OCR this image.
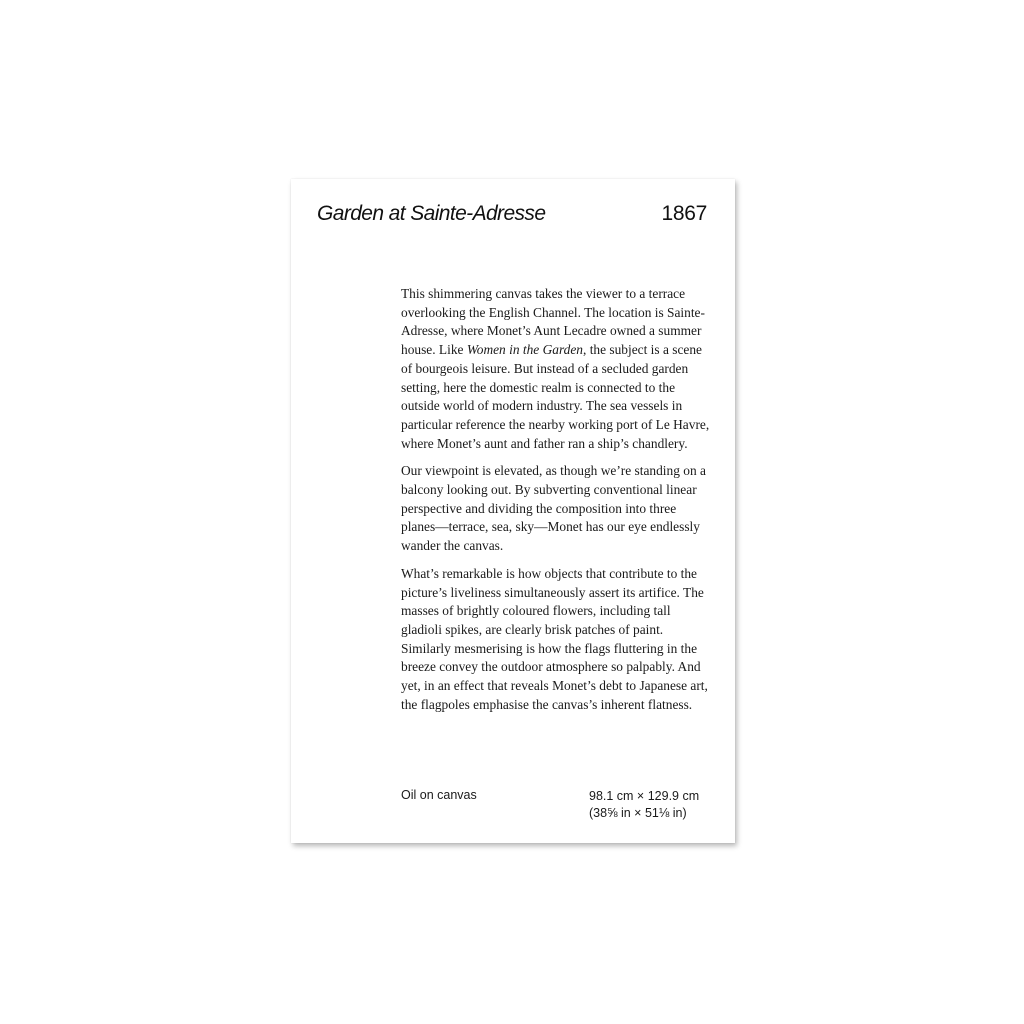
Garden at Sainte-Adresse	1867

This shimmering canvas takes the viewer to a terrace overlooking the English Channel. The location is Sainte-Adresse, where Monet’s Aunt Lecadre owned a summer house. Like Women in the Garden, the subject is a scene of bourgeois leisure. But instead of a secluded garden setting, here the domestic realm is connected to the outside world of modern industry. The sea vessels in particular reference the nearby working port of Le Havre, where Monet’s aunt and father ran a ship’s chandlery.

Our viewpoint is elevated, as though we’re standing on a balcony looking out. By subverting conventional linear perspective and dividing the composition into three planes—terrace, sea, sky—Monet has our eye endlessly wander the canvas.

What’s remarkable is how objects that contribute to the picture’s liveliness simultaneously assert its artifice. The masses of brightly coloured flowers, including tall gladioli spikes, are clearly brisk patches of paint. Similarly mesmerising is how the flags fluttering in the breeze convey the outdoor atmosphere so palpably. And yet, in an effect that reveals Monet’s debt to Japanese art, the flagpoles emphasise the canvas’s inherent flatness.

Oil on canvas	98.1 cm × 129.9 cm
(38⅝ in × 51⅛ in)
